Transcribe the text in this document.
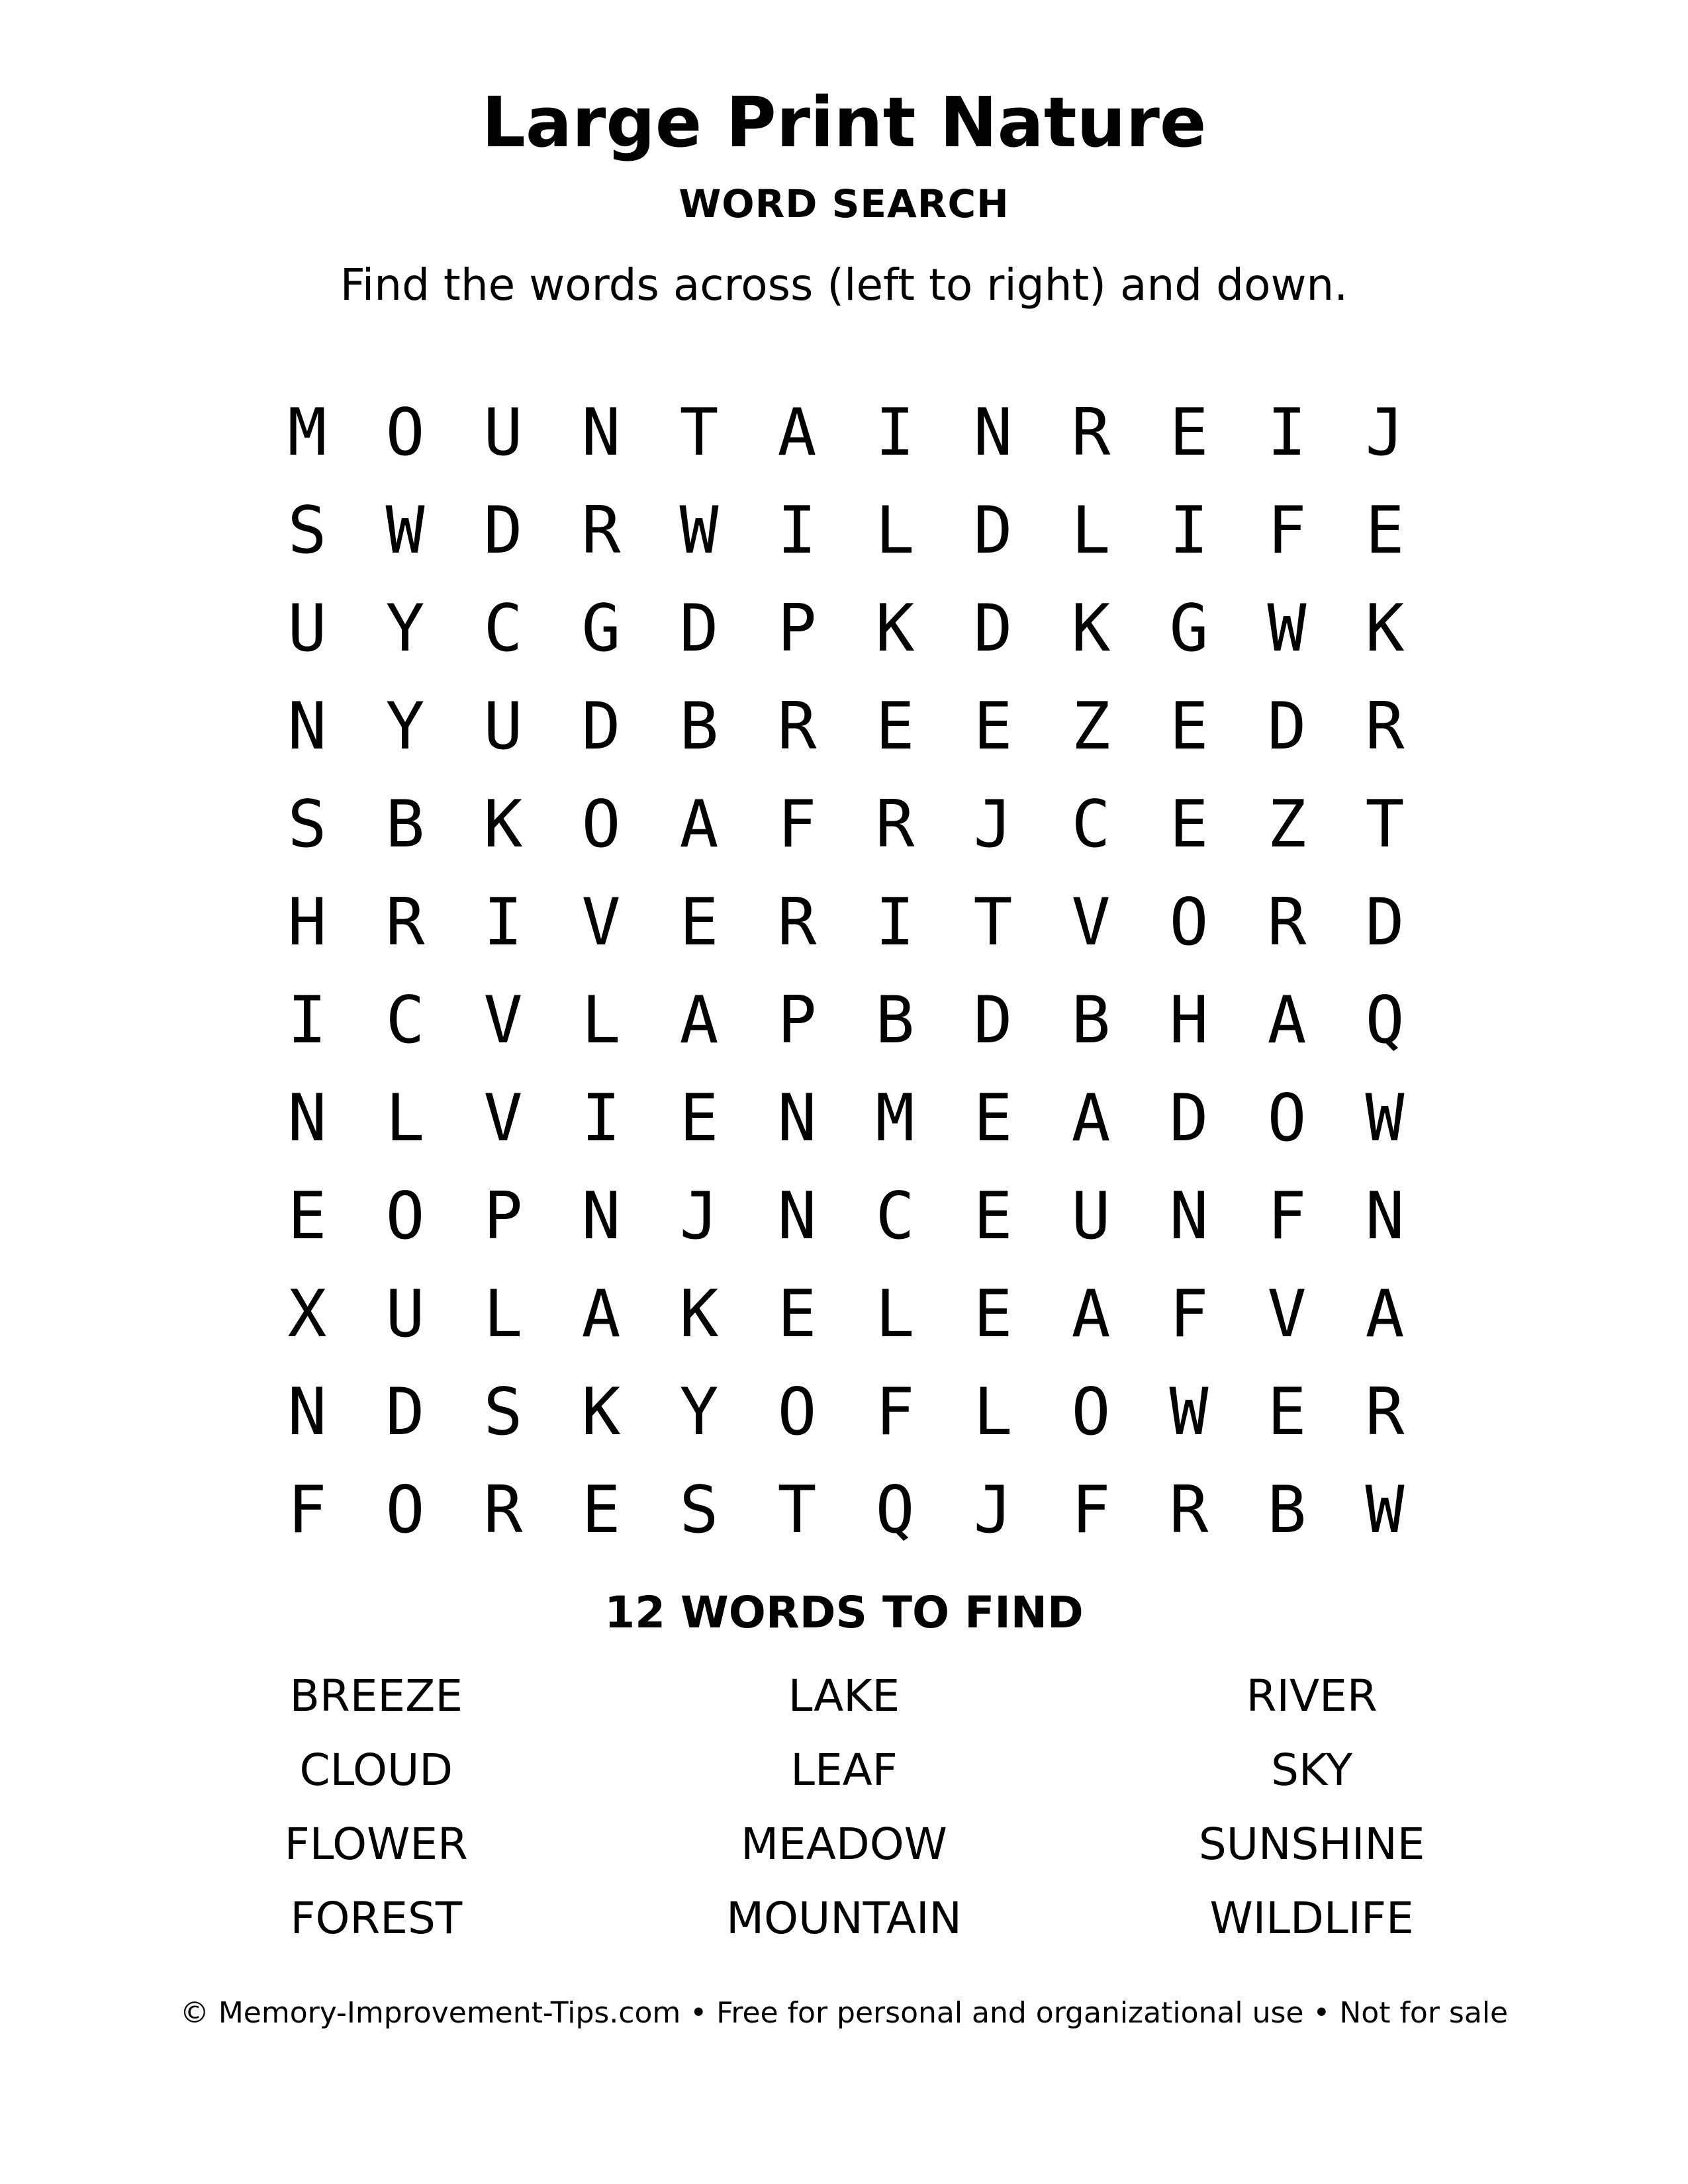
Large Print Nature
WORD SEARCH
Find the words across (left to right) and down.
M O U N T A I N R E I J
S W D R W I L D L I F E
U Y C G D P K D K G W K
N Y U D B R E E Z E D R
S B K O A F R J C E Z T
H R I V E R I T V O R D
I C V L A P B D B H A Q
N L V I E N M E A D O W
E O P N J N C E U N F N
X U L A K E L E A F V A
N D S K Y O F L O W E R
F O R E S T Q J F R B W
12 WORDS TO FIND
BREEZE
CLOUD
FLOWER
FOREST
LAKE
LEAF
MEADOW
MOUNTAIN
RIVER
SKY
SUNSHINE
WILDLIFE
© Memory-Improvement-Tips.com • Free for personal and organizational use • Not for sale
